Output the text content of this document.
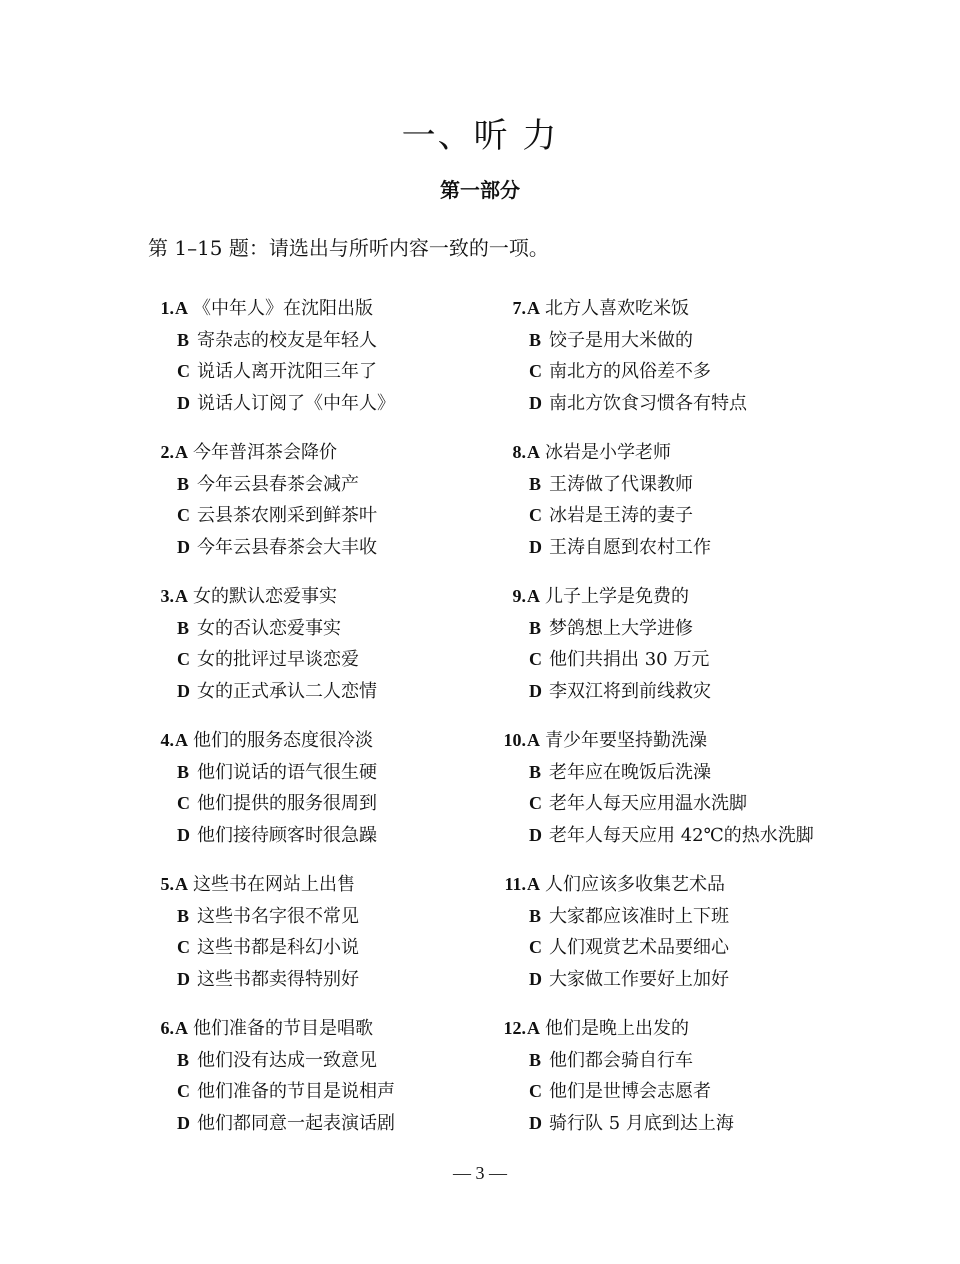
一、听 力
第一部分
第 1–15 题：请选出与所听内容一致的一项。
1.A 《中年人》在沈阳出版
B 寄杂志的校友是年轻人
C 说话人离开沈阳三年了
D 说话人订阅了《中年人》
2.A 今年普洱茶会降价
B 今年云县春茶会减产
C 云县茶农刚采到鲜茶叶
D 今年云县春茶会大丰收
3.A 女的默认恋爱事实
B 女的否认恋爱事实
C 女的批评过早谈恋爱
D 女的正式承认二人恋情
4.A 他们的服务态度很冷淡
B 他们说话的语气很生硬
C 他们提供的服务很周到
D 他们接待顾客时很急躁
5.A 这些书在网站上出售
B 这些书名字很不常见
C 这些书都是科幻小说
D 这些书都卖得特别好
6.A 他们准备的节目是唱歌
B 他们没有达成一致意见
C 他们准备的节目是说相声
D 他们都同意一起表演话剧
7.A 北方人喜欢吃米饭
B 饺子是用大米做的
C 南北方的风俗差不多
D 南北方饮食习惯各有特点
8.A 冰岩是小学老师
B 王涛做了代课教师
C 冰岩是王涛的妻子
D 王涛自愿到农村工作
9.A 儿子上学是免费的
B 梦鸽想上大学进修
C 他们共捐出 30 万元
D 李双江将到前线救灾
10.A 青少年要坚持勤洗澡
B 老年应在晚饭后洗澡
C 老年人每天应用温水洗脚
D 老年人每天应用 42℃的热水洗脚
11.A 人们应该多收集艺术品
B 大家都应该准时上下班
C 人们观赏艺术品要细心
D 大家做工作要好上加好
12.A 他们是晚上出发的
B 他们都会骑自行车
C 他们是世博会志愿者
D 骑行队 5 月底到达上海
— 3 —
